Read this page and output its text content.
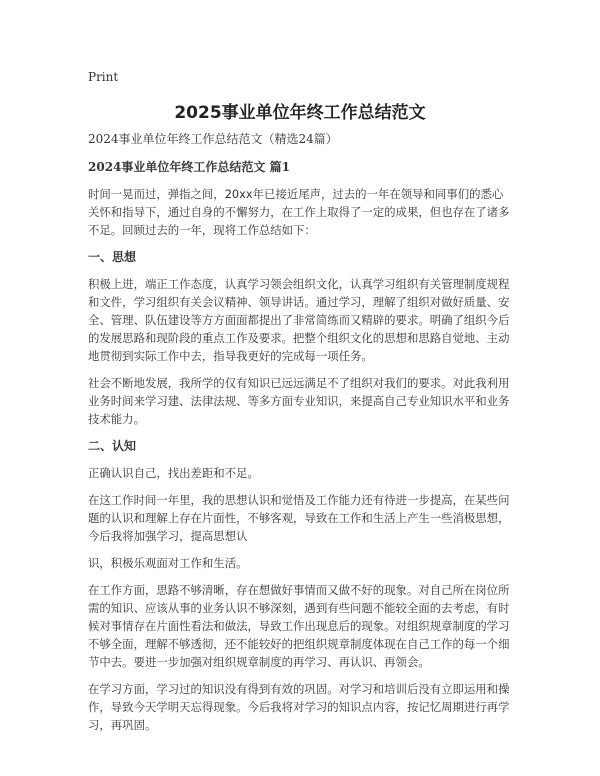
Print
2025事业单位年终工作总结范文
2024事业单位年终工作总结范文（精选24篇）
2024事业单位年终工作总结范文 篇1
时间一晃而过，弹指之间，20xx年已接近尾声，过去的一年在领导和同事们的悉心关怀和指导下，通过自身的不懈努力，在工作上取得了一定的成果，但也存在了诸多不足。回顾过去的一年，现将工作总结如下：
一、思想
积极上进，端正工作态度，认真学习领会组织文化，认真学习组织有关管理制度规程和文件，学习组织有关会议精神、领导讲话。通过学习，理解了组织对做好质量、安全、管理、队伍建设等方方面面都提出了非常简练而又精辟的要求。明确了组织今后的发展思路和现阶段的重点工作及要求。把整个组织文化的思想和思路自觉地、主动地贯彻到实际工作中去，指导我更好的完成每一项任务。
社会不断地发展，我所学的仅有知识已远远满足不了组织对我们的要求。对此我利用业务时间来学习建、法律法规、等多方面专业知识，来提高自己专业知识水平和业务技术能力。
二、认知
正确认识自己，找出差距和不足。
在这工作时间一年里，我的思想认识和觉悟及工作能力还有待进一步提高，在某些问题的认识和理解上存在片面性，不够客观，导致在工作和生活上产生一些消极思想，今后我将加强学习，提高思想认
识，积极乐观面对工作和生活。
在工作方面，思路不够清晰，存在想做好事情而又做不好的现象。对自己所在岗位所需的知识、应该从事的业务认识不够深刻，遇到有些问题不能较全面的去考虑，有时候对事情存在片面性看法和做法，导致工作出现息后的现象。对组织规章制度的学习不够全面，理解不够透彻，还不能较好的把组织规章制度体现在自己工作的每一个细节中去。要进一步加强对组织规章制度的再学习、再认识、再领会。
在学习方面，学习过的知识没有得到有效的巩固。对学习和培训后没有立即运用和操作，导致今天学明天忘得现象。今后我将对学习的知识点内容，按记忆周期进行再学习，再巩固。
